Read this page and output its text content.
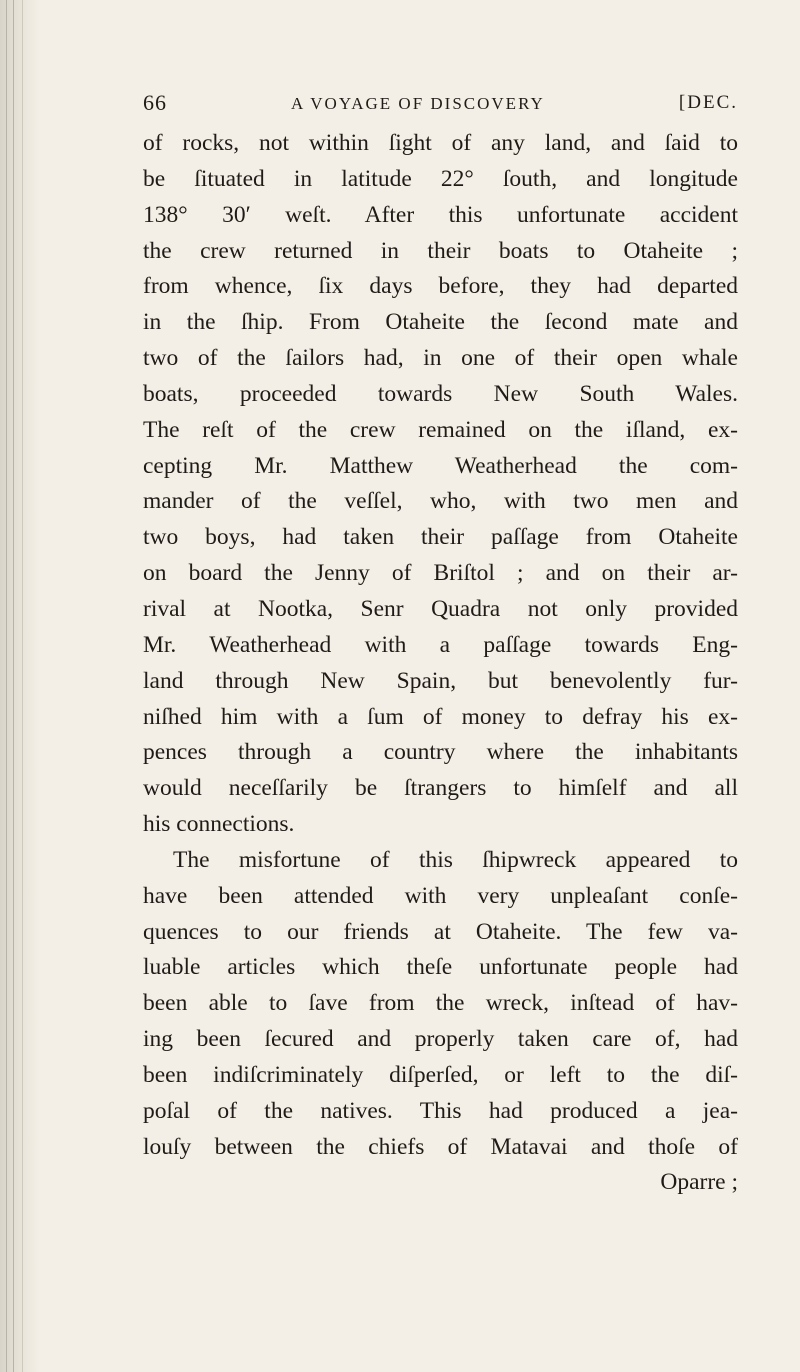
66	A VOYAGE OF DISCOVERY	[DEC.
of rocks, not within ſight of any land, and ſaid to
be ſituated in latitude 22° ſouth, and longitude
138° 30′ weſt. After this unfortunate accident
the crew returned in their boats to Otaheite ;
from whence, ſix days before, they had departed
in the ſhip. From Otaheite the ſecond mate and
two of the ſailors had, in one of their open whale
boats, proceeded towards New South Wales.
The reſt of the crew remained on the iſland, ex-
cepting Mr. Matthew Weatherhead the com-
mander of the veſſel, who, with two men and
two boys, had taken their paſſage from Otaheite
on board the Jenny of Briſtol ; and on their ar-
rival at Nootka, Senr Quadra not only provided
Mr. Weatherhead with a paſſage towards Eng-
land through New Spain, but benevolently fur-
niſhed him with a ſum of money to defray his ex-
pences through a country where the inhabitants
would neceſſarily be ſtrangers to himſelf and all
his connections.
The misfortune of this ſhipwreck appeared to
have been attended with very unpleaſant conſe-
quences to our friends at Otaheite. The few va-
luable articles which theſe unfortunate people had
been able to ſave from the wreck, inſtead of hav-
ing been ſecured and properly taken care of, had
been indiſcriminately diſperſed, or left to the diſ-
poſal of the natives. This had produced a jea-
louſy between the chiefs of Matavai and thoſe of
Oparre ;
